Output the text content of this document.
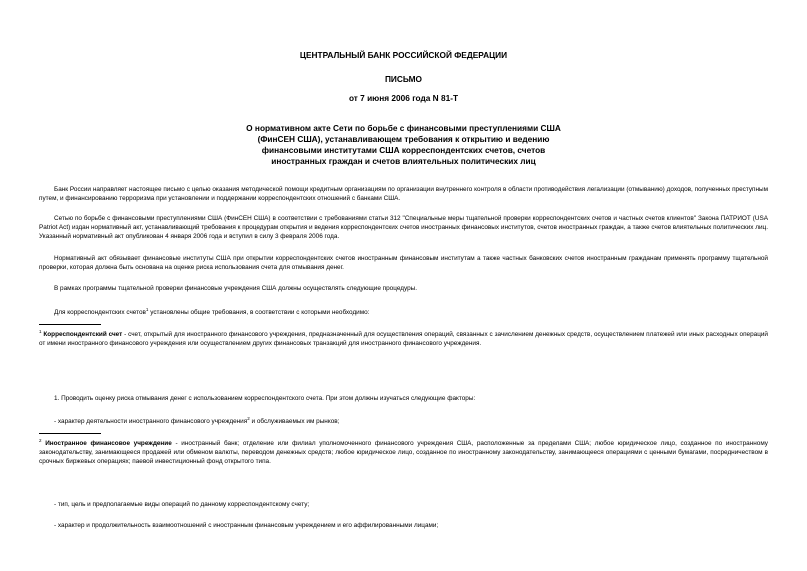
ЦЕНТРАЛЬНЫЙ БАНК РОССИЙСКОЙ ФЕДЕРАЦИИ
ПИСЬМО
от 7 июня 2006 года N 81-Т
О нормативном акте Сети по борьбе с финансовыми преступлениями США
(ФинСЕН США), устанавливающем требования к открытию и ведению
финансовыми институтами США корреспондентских счетов, счетов
иностранных граждан и счетов влиятельных политических лиц
Банк России направляет настоящее письмо с целью оказания методической помощи кредитным организациям по организации внутреннего контроля в области противодействия легализации (отмыванию) доходов, полученных преступным путем, и финансированию терроризма при установлении и поддержании корреспондентских отношений с банками США.
Сетью по борьбе с финансовыми преступлениями США (ФинСЕН США) в соответствии с требованиями статьи 312 "Специальные меры тщательной проверки корреспондентских счетов и частных счетов клиентов" Закона ПАТРИОТ (USA Patriot Act) издан нормативный акт, устанавливающий требования к процедурам открытия и ведения корреспондентских счетов иностранных финансовых институтов, счетов иностранных граждан, а также счетов влиятельных политических лиц. Указанный нормативный акт опубликован 4 января 2006 года и вступил в силу 3 февраля 2006 года.
Нормативный акт обязывает финансовые институты США при открытии корреспондентских счетов иностранным финансовым институтам а также частных банковских счетов иностранным гражданам применять программу тщательной проверки, которая должна быть основана на оценке риска использования счета для отмывания денег.
В рамках программы тщательной проверки финансовые учреждения США должны осуществлять следующие процедуры.
Для корреспондентских счетов$^1$ установлены общие требования, в соответствии с которыми необходимо:
$^1$ Корреспондентский счет - счет, открытый для иностранного финансового учреждения, предназначенный для осуществления операций, связанных с зачислением денежных средств, осуществлением платежей или иных расходных операций от имени иностранного финансового учреждения или осуществлением других финансовых транзакций для иностранного финансового учреждения.
1. Проводить оценку риска отмывания денег с использованием корреспондентского счета. При этом должны изучаться следующие факторы:
- характер деятельности иностранного финансового учреждения$^2$ и обслуживаемых им рынков;
$^2$ Иностранное финансовое учреждение - иностранный банк; отделение или филиал уполномоченного финансового учреждения США, расположенные за пределами США; любое юридическое лицо, созданное по иностранному законодательству, занимающееся продажей или обменом валюты, переводом денежных средств; любое юридическое лицо, созданное по иностранному законодательству, занимающееся операциями с ценными бумагами, посредничеством в срочных биржевых операциях; паевой инвестиционный фонд открытого типа.
- тип, цель и предполагаемые виды операций по данному корреспондентскому счету;
- характер и продолжительность взаимоотношений с иностранным финансовым учреждением и его аффилированными лицами;
